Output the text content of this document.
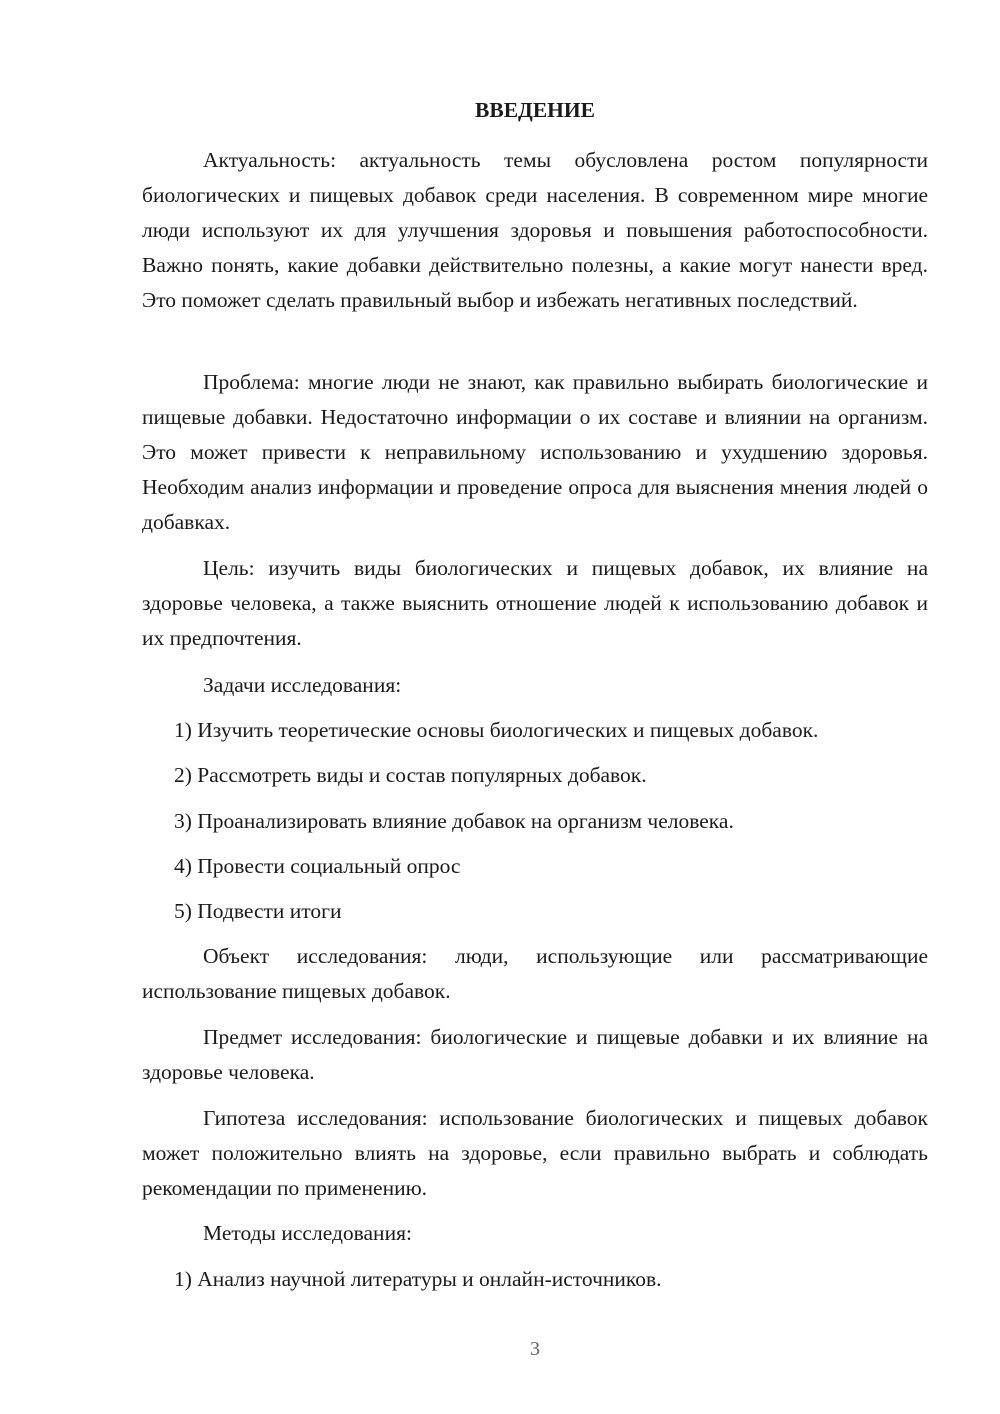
ВВЕДЕНИЕ

Актуальность: актуальность темы обусловлена ростом популярности биологических и пищевых добавок среди населения. В современном мире многие люди используют их для улучшения здоровья и повышения работоспособности. Важно понять, какие добавки действительно полезны, а какие могут нанести вред. Это поможет сделать правильный выбор и избежать негативных последствий.

Проблема: многие люди не знают, как правильно выбирать биологические и пищевые добавки. Недостаточно информации о их составе и влиянии на организм. Это может привести к неправильному использованию и ухудшению здоровья. Необходим анализ информации и проведение опроса для выяснения мнения людей о добавках.

Цель: изучить виды биологических и пищевых добавок, их влияние на здоровье человека, а также выяснить отношение людей к использованию добавок и их предпочтения.

Задачи исследования:
1) Изучить теоретические основы биологических и пищевых добавок.
2) Рассмотреть виды и состав популярных добавок.
3) Проанализировать влияние добавок на организм человека.
4) Провести социальный опрос
5) Подвести итоги

Объект исследования: люди, использующие или рассматривающие использование пищевых добавок.

Предмет исследования: биологические и пищевые добавки и их влияние на здоровье человека.

Гипотеза исследования: использование биологических и пищевых добавок может положительно влиять на здоровье, если правильно выбрать и соблюдать рекомендации по применению.

Методы исследования:
1) Анализ научной литературы и онлайн-источников.
3
